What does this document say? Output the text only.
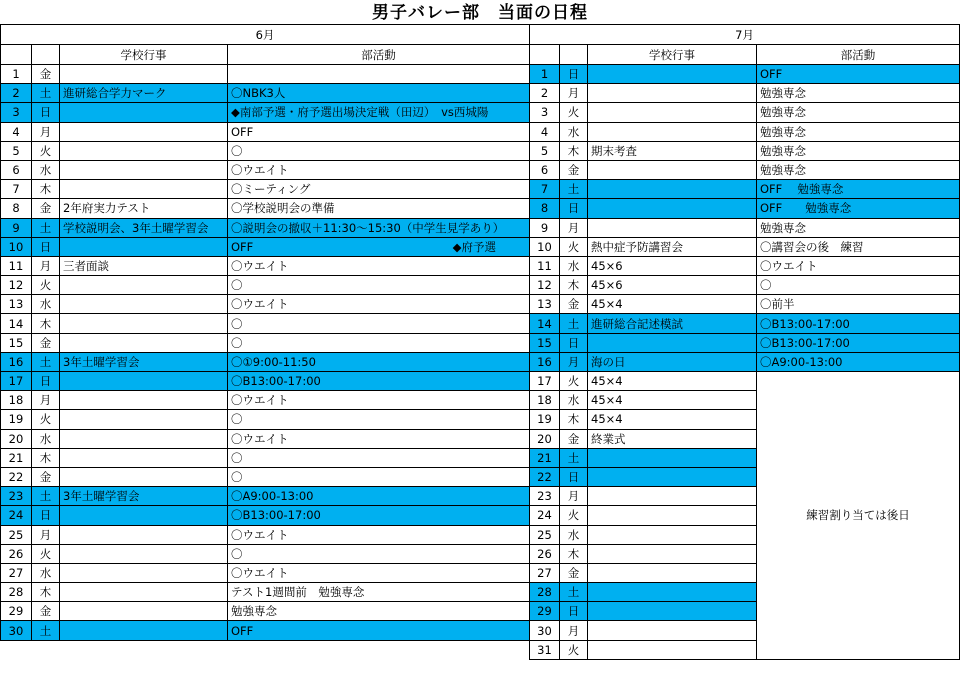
男子バレー部　当面の日程
6月			
		学校行事	部活動
1	金		
2	土	進研総合学力マーク	〇NBK3人
3	日		◆南部予選・府予選出場決定戦（田辺）　vs西城陽
4	月		OFF
5	火		〇
6	水		〇ウエイト
7	木		〇ミーティング
8	金	2年府実力テスト	〇学校説明会の準備
9	土	学校説明会、3年土曜学習会	〇説明会の撤収＋11:30～15:30（中学生見学あり）
10	日		OFF ◆府予選

11	月	三者面談	〇ウエイト
12	火		〇
13	水		〇ウエイト
14	木		〇
15	金		〇
16	土	3年土曜学習会	〇①9:00-11:50
17	日		〇B13:00-17:00
18	月		〇ウエイト
19	火		〇
20	水		〇ウエイト
21	木		〇
22	金		〇
23	土	3年土曜学習会	〇A9:00-13:00
24	日		〇B13:00-17:00
25	月		〇ウエイト
26	火		〇
27	水		〇ウエイト
28	木		テスト1週間前　勉強専念
29	金		勉強専念
30	土		OFF
7月			
		学校行事	部活動
1	日		OFF
2	月		勉強専念
3	火		勉強専念
4	水		勉強専念
5	木	期末考査	勉強専念
6	金		勉強専念
7	土		OFF　 勉強専念
8	日		OFF　　勉強専念
9	月		勉強専念
10	火	熱中症予防講習会	〇講習会の後　練習
11	水	45×6	〇ウエイト
12	木	45×6	〇
13	金	45×4	〇前半
14	土	進研総合記述模試	〇B13:00-17:00
15	日		〇B13:00-17:00
16	月	海の日	〇A9:00-13:00
17	火	45×4	練習割り当ては後日
18	水	45×4	
19	木	45×4	
20	金	終業式	
21	土		
22	日		
23	月		
24	火		
25	水		
26	木		
27	金		
28	土		
29	日		
30	月		
31	火		
